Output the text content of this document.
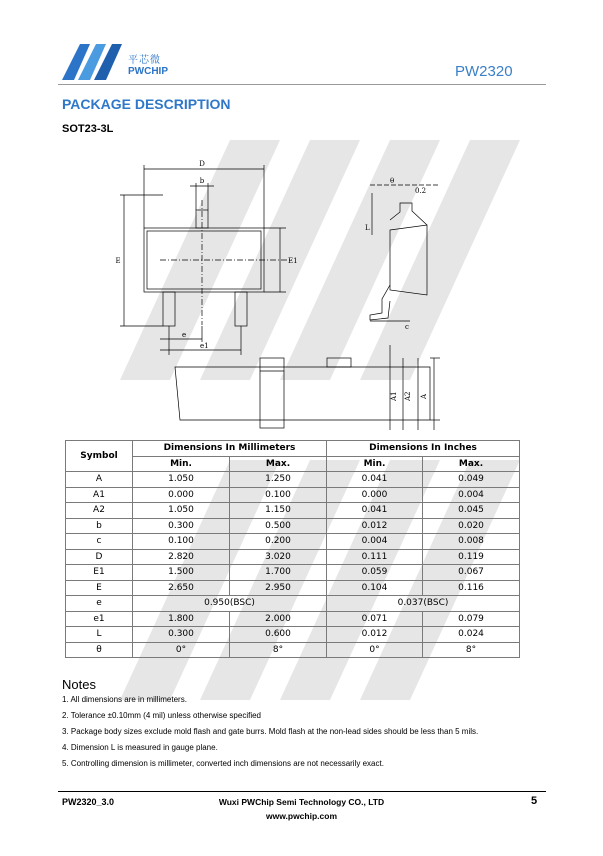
平芯微
PWCHIP	PW2320
PACKAGE DESCRIPTION
SOT23-3L
D
b
E	E1
e
e1
θ
0.2
L
c
A1 A2 A
Symbol	Dimensions In Millimeters		Dimensions In Inches	
	Min.	Max.	Min.	Max.
A	1.050	1.250	0.041	0.049
A1	0.000	0.100	0.000	0.004
A2	1.050	1.150	0.041	0.045
b	0.300	0.500	0.012	0.020
c	0.100	0.200	0.004	0.008
D	2.820	3.020	0.111	0.119
E1	1.500	1.700	0.059	0.067
E	2.650	2.950	0.104	0.116
e	0.950(BSC)		0.037(BSC)	
e1	1.800	2.000	0.071	0.079
L	0.300	0.600	0.012	0.024
θ	0°	8°	0°	8°
Notes
1. All dimensions are in millimeters.
2. Tolerance ±0.10mm (4 mil) unless otherwise specified
3. Package body sizes exclude mold flash and gate burrs. Mold flash at the non-lead sides should be less than 5 mils.
4. Dimension L is measured in gauge plane.
5. Controlling dimension is millimeter, converted inch dimensions are not necessarily exact.
PW2320_3.0	Wuxi PWChip Semi Technology CO., LTD
www.pwchip.com
5
